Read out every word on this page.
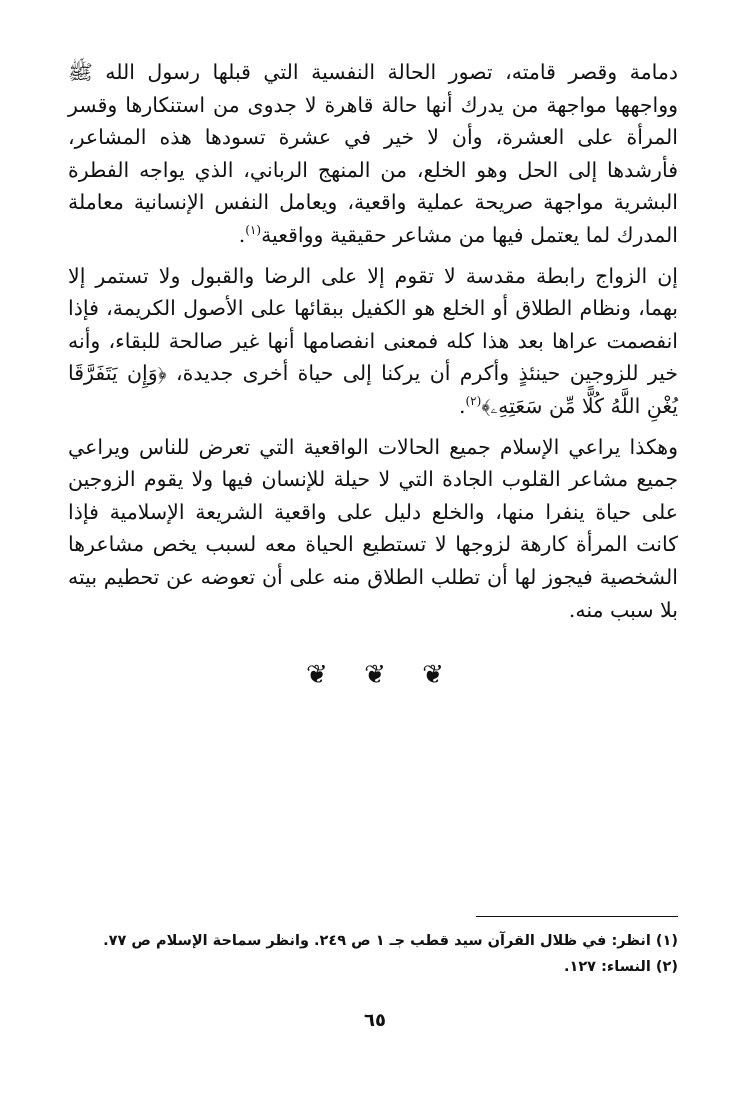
دمامة وقصر قامته، تصور الحالة النفسية التي قبلها رسول الله ﷺ وواجهها مواجهة من يدرك أنها حالة قاهرة لا جدوى من استنكارها وقسر المرأة على العشرة، وأن لا خير في عشرة تسودها هذه المشاعر، فأرشدها إلى الحل وهو الخلع، من المنهج الرباني، الذي يواجه الفطرة البشرية مواجهة صريحة عملية واقعية، ويعامل النفس الإنسانية معاملة المدرك لما يعتمل فيها من مشاعر حقيقية وواقعية$^{(١)}$.

إن الزواج رابطة مقدسة لا تقوم إلا على الرضا والقبول ولا تستمر إلا بهما، ونظام الطلاق أو الخلع هو الكفيل ببقائها على الأصول الكريمة، فإذا انفصمت عراها بعد هذا كله فمعنى انفصامها أنها غير صالحة للبقاء، وأنه خير للزوجين حينئذٍ وأكرم أن يركنا إلى حياة أخرى جديدة، ﴿وَإِن يَتَفَرَّقَا يُغْنِ اللَّهُ كُلًّا مِّن سَعَتِهِۦ﴾$^{(٢)}$.

وهكذا يراعي الإسلام جميع الحالات الواقعية التي تعرض للناس ويراعي جميع مشاعر القلوب الجادة التي لا حيلة للإنسان فيها ولا يقوم الزوجين على حياة ينفرا منها، والخلع دليل على واقعية الشريعة الإسلامية فإذا كانت المرأة كارهة لزوجها لا تستطيع الحياة معه لسبب يخص مشاعرها الشخصية فيجوز لها أن تطلب الطلاق منه على أن تعوضه عن تحطيم بيته بلا سبب منه.

❦ ❦ ❦

(١) انظر: في ظلال القرآن سيد قطب جـ ١ ص ٢٤٩. وانظر سماحة الإسلام ص ٧٧.

(٢) النساء: ١٢٧.

٦٥
